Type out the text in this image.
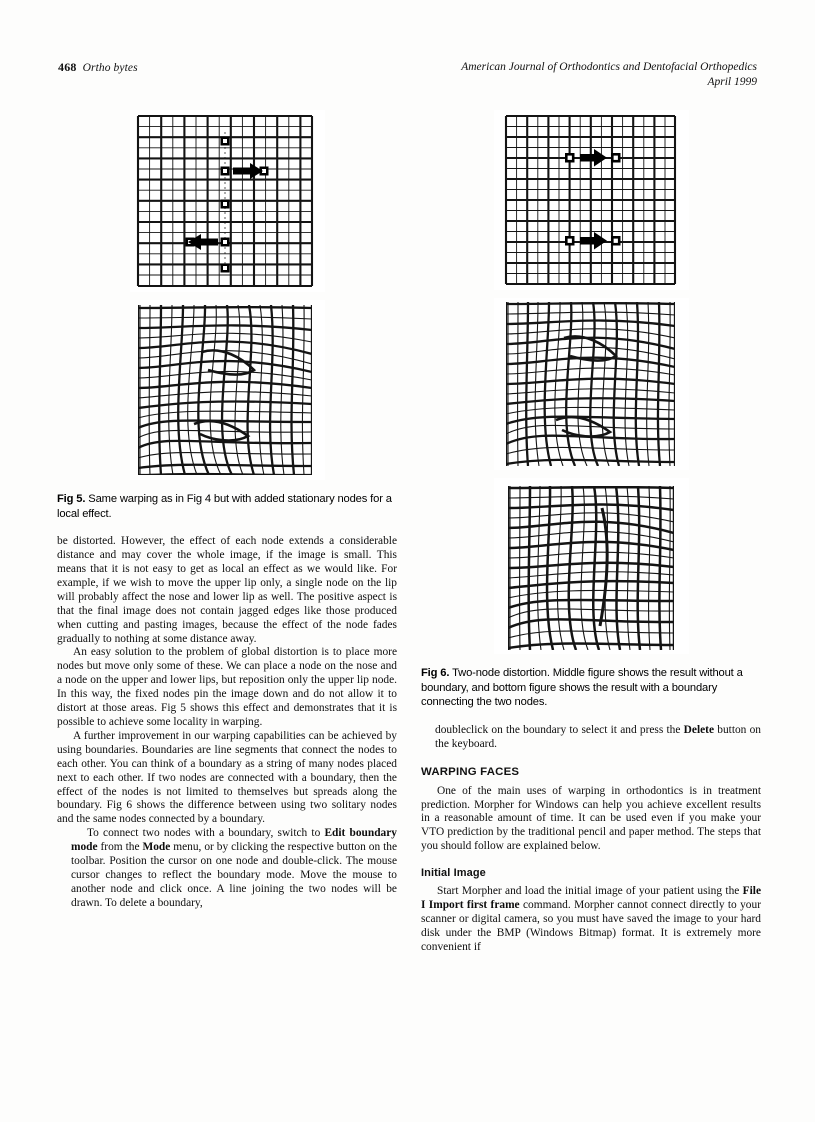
468 Ortho bytes	American Journal of Orthodontics and Dentofacial Orthopedics
April 1999
Fig 5. Same warping as in Fig 4 but with added stationary nodes for a local effect.

be distorted. However, the effect of each node extends a considerable distance and may cover the whole image, if the image is small. This means that it is not easy to get as local an effect as we would like. For example, if we wish to move the upper lip only, a single node on the lip will probably affect the nose and lower lip as well. The positive aspect is that the final image does not contain jagged edges like those produced when cutting and pasting images, because the effect of the node fades gradually to nothing at some distance away.

An easy solution to the problem of global distortion is to place more nodes but move only some of these. We can place a node on the nose and a node on the upper and lower lips, but reposition only the upper lip node. In this way, the fixed nodes pin the image down and do not allow it to distort at those areas. Fig 5 shows this effect and demonstrates that it is possible to achieve some locality in warping.

A further improvement in our warping capabilities can be achieved by using boundaries. Boundaries are line segments that connect the nodes to each other. You can think of a boundary as a string of many nodes placed next to each other. If two nodes are connected with a boundary, then the effect of the nodes is not limited to themselves but spreads along the boundary. Fig 6 shows the difference between using two solitary nodes and the same nodes connected by a boundary.

To connect two nodes with a boundary, switch to Edit boundary mode from the Mode menu, or by clicking the respective button on the toolbar. Position the cursor on one node and double-click. The mouse cursor changes to reflect the boundary mode. Move the mouse to another node and click once. A line joining the two nodes will be drawn. To delete a boundary,

Fig 6. Two-node distortion. Middle figure shows the result without a boundary, and bottom figure shows the result with a boundary connecting the two nodes.

doubleclick on the boundary to select it and press the Delete button on the keyboard.

WARPING FACES

One of the main uses of warping in orthodontics is in treatment prediction. Morpher for Windows can help you achieve excellent results in a reasonable amount of time. It can be used even if you make your VTO prediction by the traditional pencil and paper method. The steps that you should follow are explained below.

Initial Image

Start Morpher and load the initial image of your patient using the File I Import first frame command. Morpher cannot connect directly to your scanner or digital camera, so you must have saved the image to your hard disk under the BMP (Windows Bitmap) format. It is extremely more convenient if
